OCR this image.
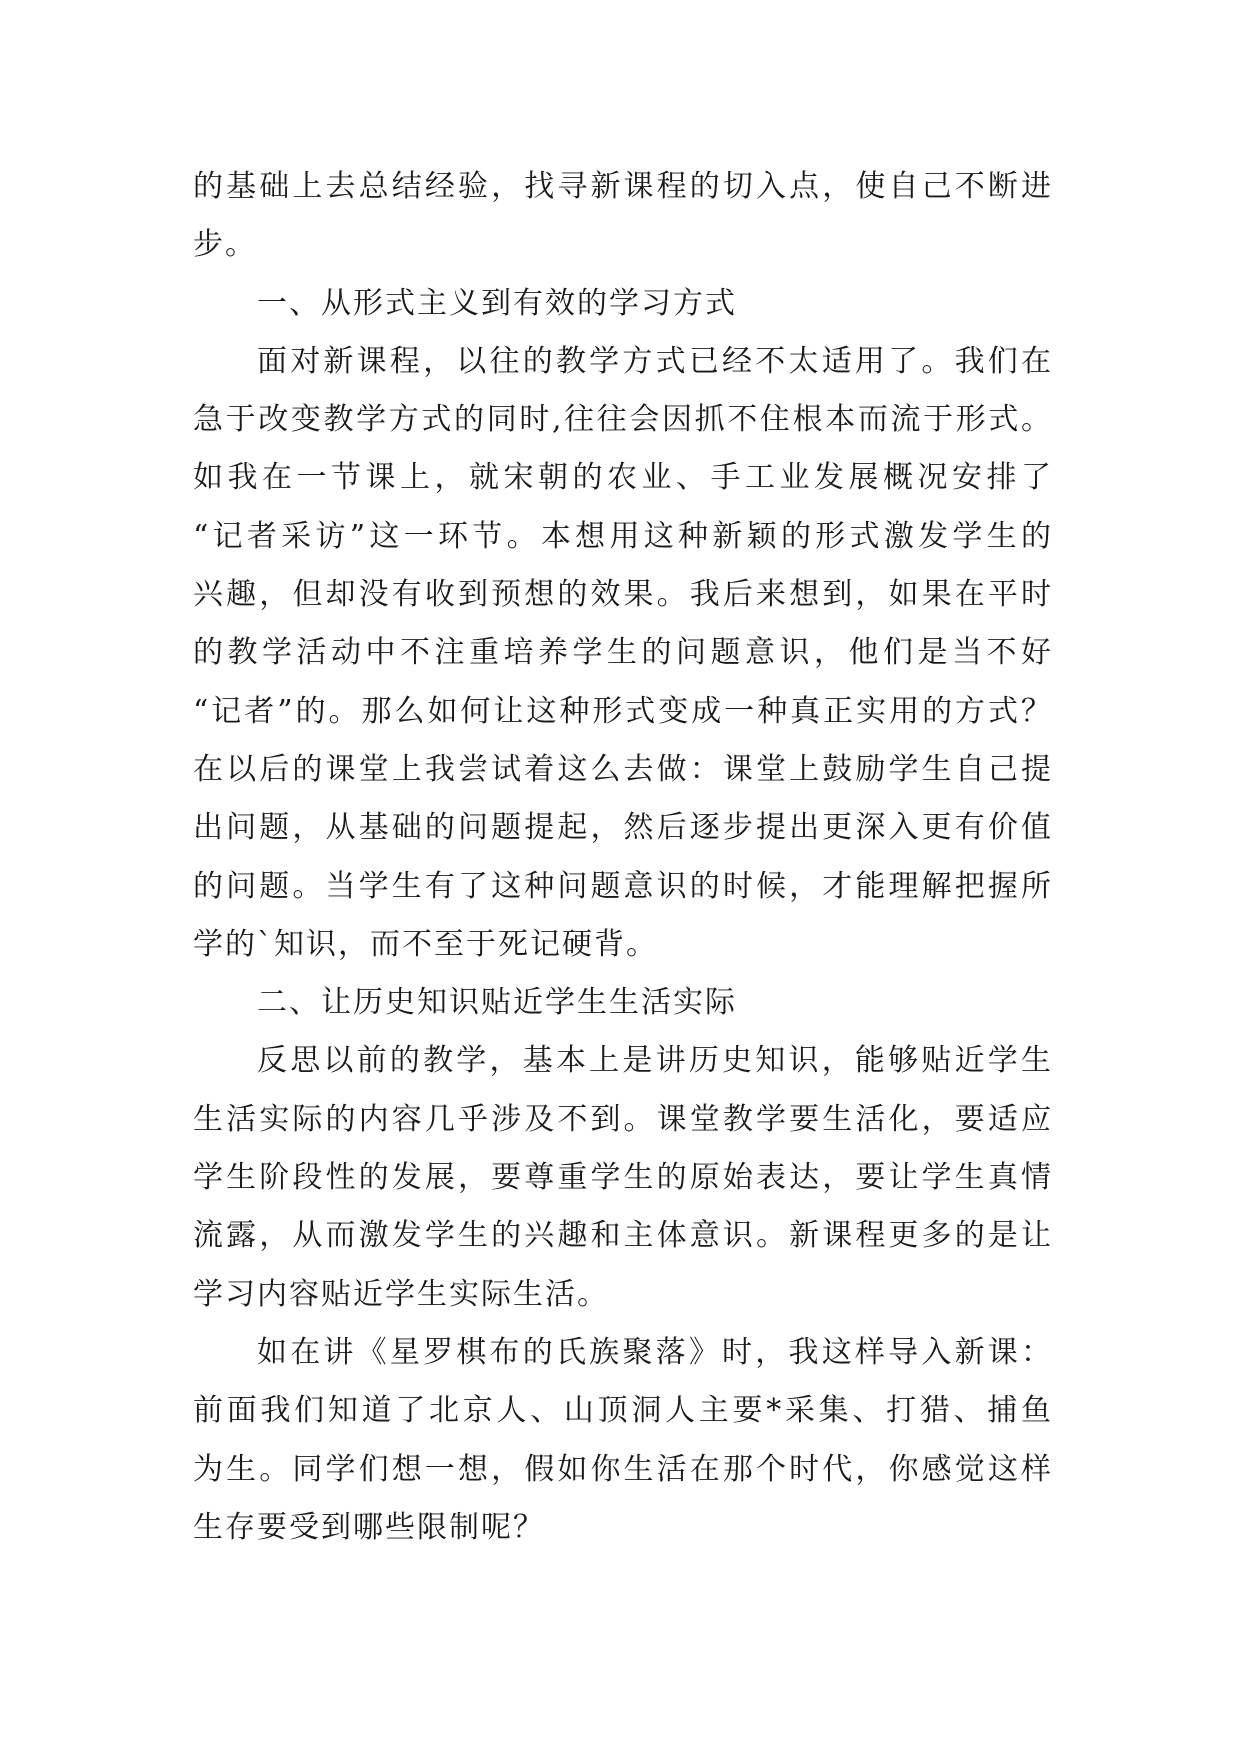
的基础上去总结经验，找寻新课程的切入点，使自己不断进
步。
一、从形式主义到有效的学习方式
面对新课程，以往的教学方式已经不太适用了。我们在
急于改变教学方式的同时,往往会因抓不住根本而流于形式。
如我在一节课上，就宋朝的农业、手工业发展概况安排了
“记者采访”这一环节。本想用这种新颖的形式激发学生的
兴趣，但却没有收到预想的效果。我后来想到，如果在平时
的教学活动中不注重培养学生的问题意识，他们是当不好
“记者”的。那么如何让这种形式变成一种真正实用的方式？
在以后的课堂上我尝试着这么去做：课堂上鼓励学生自己提
出问题，从基础的问题提起，然后逐步提出更深入更有价值
的问题。当学生有了这种问题意识的时候，才能理解把握所
学的`知识，而不至于死记硬背。
二、让历史知识贴近学生生活实际
反思以前的教学，基本上是讲历史知识，能够贴近学生
生活实际的内容几乎涉及不到。课堂教学要生活化，要适应
学生阶段性的发展，要尊重学生的原始表达，要让学生真情
流露，从而激发学生的兴趣和主体意识。新课程更多的是让
学习内容贴近学生实际生活。
如在讲《星罗棋布的氏族聚落》时，我这样导入新课：
前面我们知道了北京人、山顶洞人主要*采集、打猎、捕鱼
为生。同学们想一想，假如你生活在那个时代，你感觉这样
生存要受到哪些限制呢？
